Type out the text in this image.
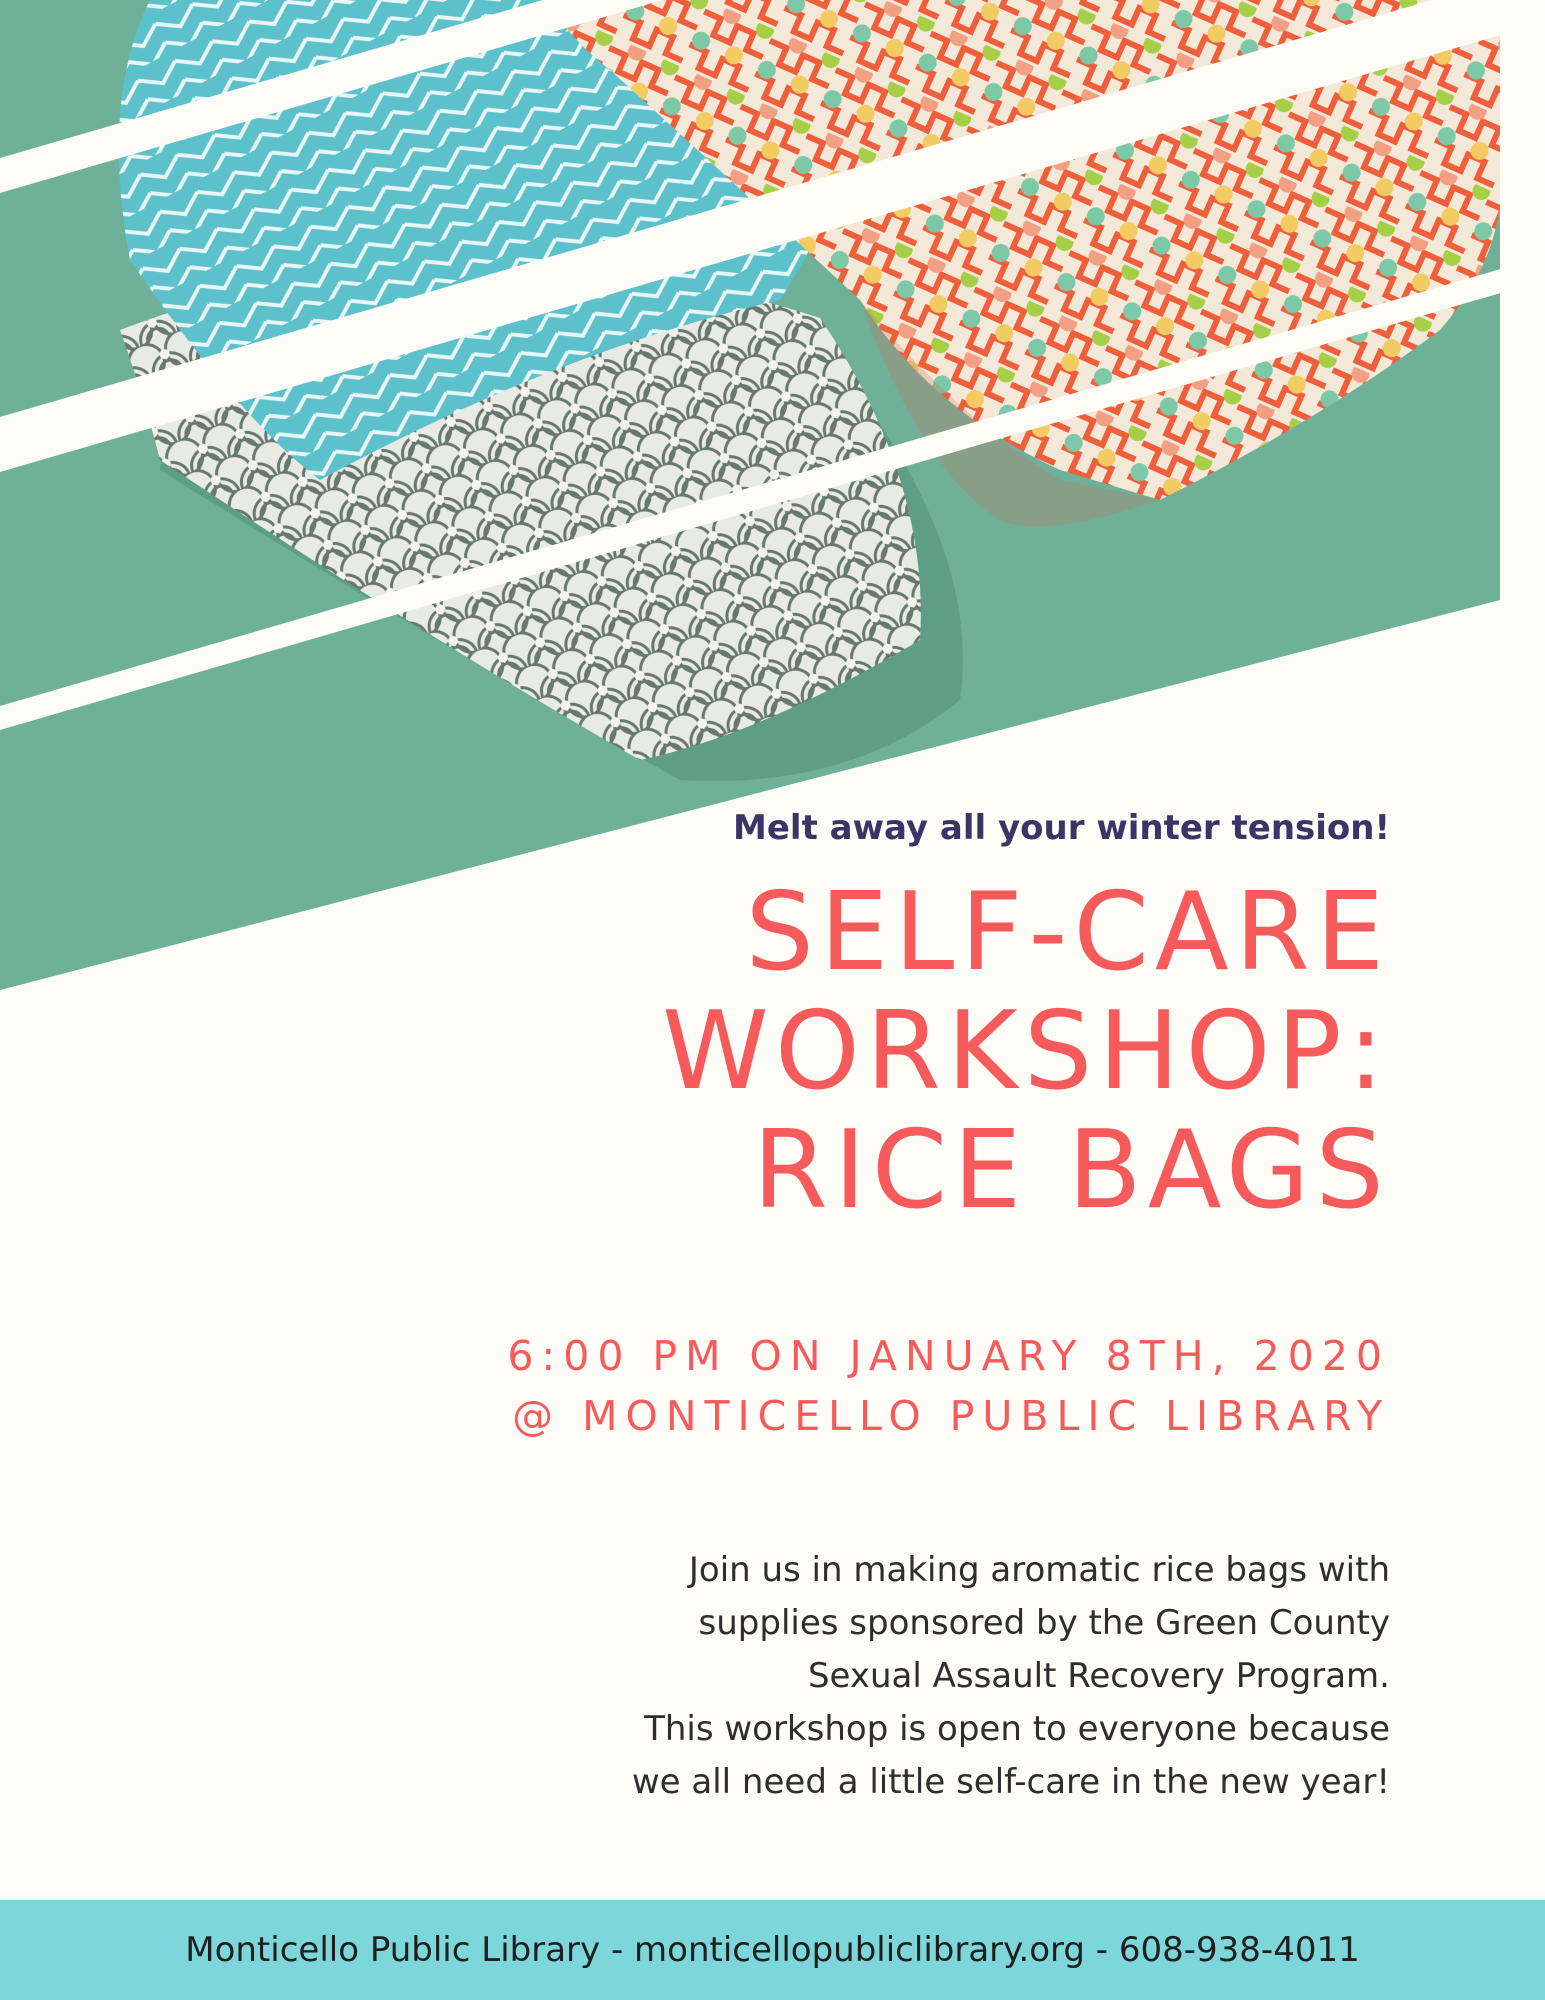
Melt away all your winter tension!

SELF-CARE
WORKSHOP:
RICE BAGS
6:00 PM ON JANUARY 8TH, 2020
@ MONTICELLO PUBLIC LIBRARY
Join us in making aromatic rice bags with
supplies sponsored by the Green County
Sexual Assault Recovery Program.
This workshop is open to everyone because
we all need a little self-care in the new year!
Monticello Public Library - monticellopubliclibrary.org - 608-938-4011
